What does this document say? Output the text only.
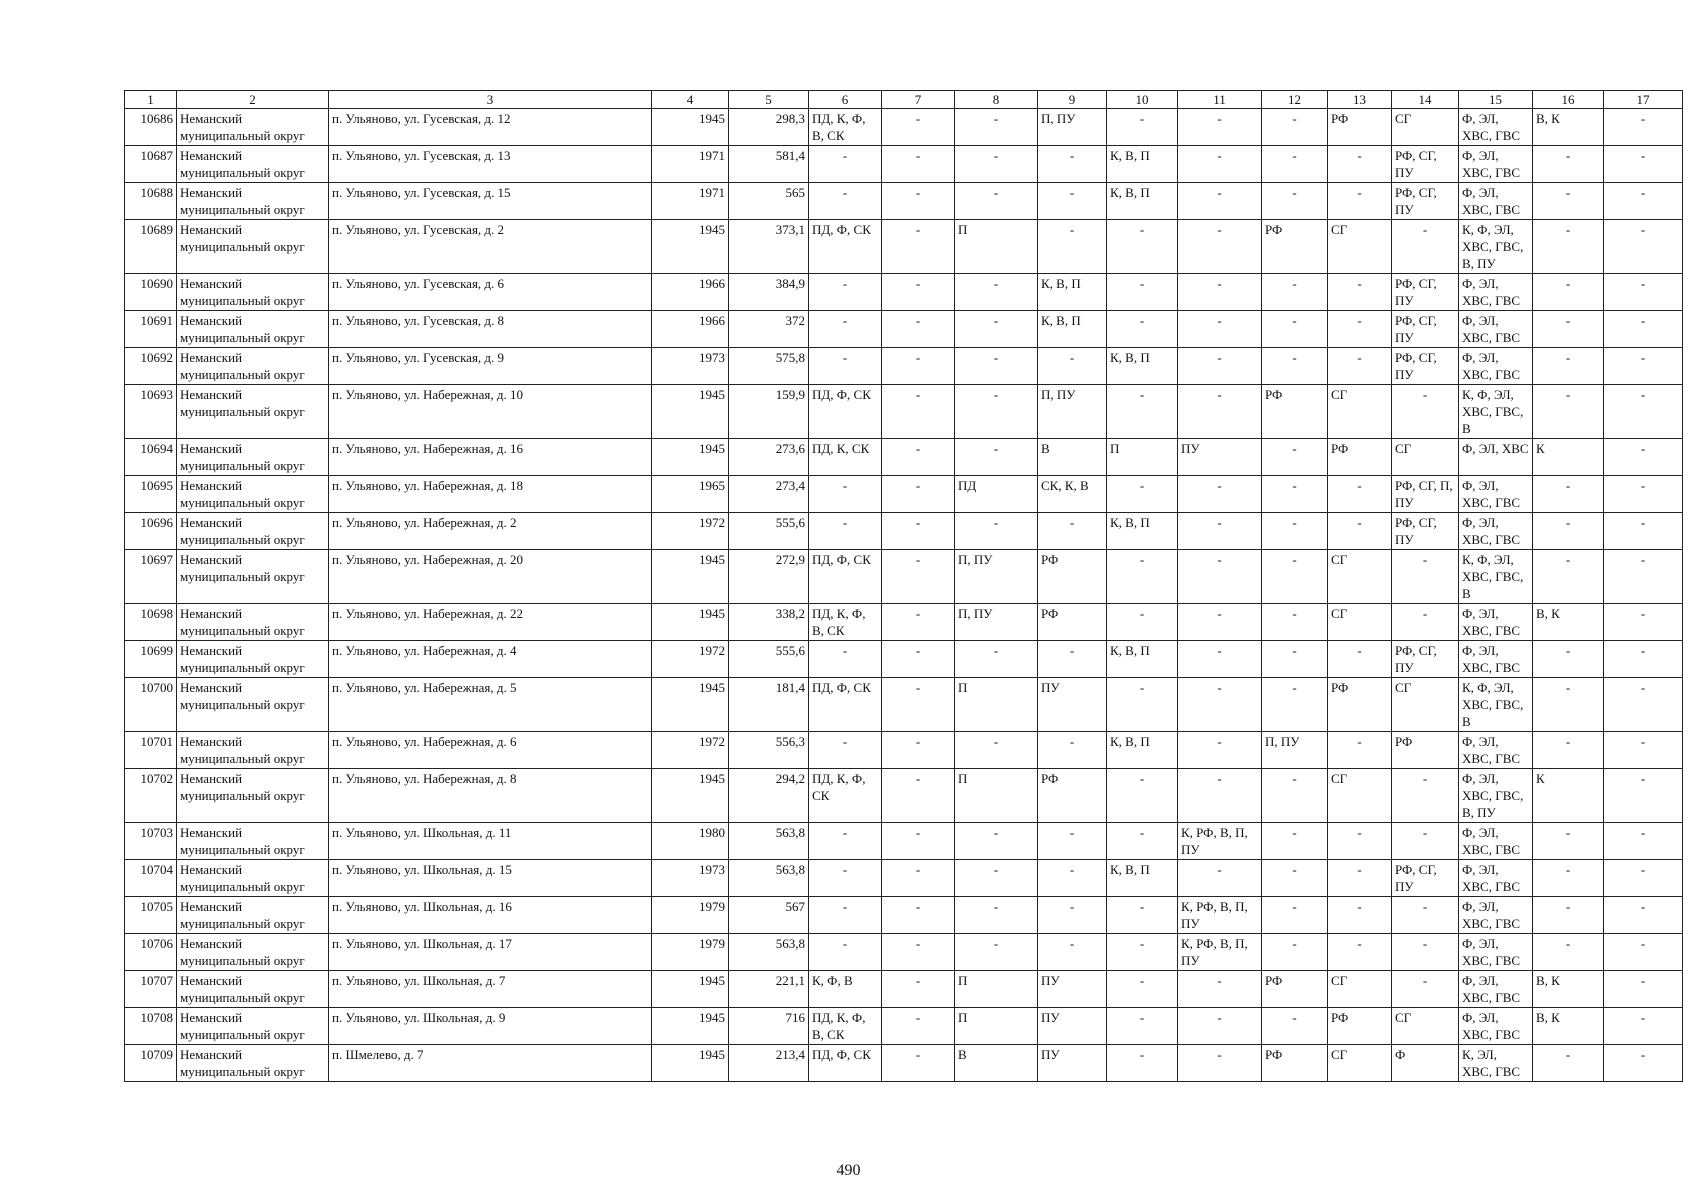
1	2	3	4	5	6	7	8	9	10	11	12	13	14	15	16	17
10686	Неманский муниципальный округ	п. Ульяново, ул. Гусевская, д. 12	1945	298,3	ПД, К, Ф, В, СК	-	-	П, ПУ	-	-	-	РФ	СГ	Ф, ЭЛ, ХВС, ГВС	В, К	-
10687	Неманский муниципальный округ	п. Ульяново, ул. Гусевская, д. 13	1971	581,4	-	-	-	-	К, В, П	-	-	-	РФ, СГ, ПУ	Ф, ЭЛ, ХВС, ГВС	-	-
10688	Неманский муниципальный округ	п. Ульяново, ул. Гусевская, д. 15	1971	565	-	-	-	-	К, В, П	-	-	-	РФ, СГ, ПУ	Ф, ЭЛ, ХВС, ГВС	-	-
10689	Неманский муниципальный округ	п. Ульяново, ул. Гусевская, д. 2	1945	373,1	ПД, Ф, СК	-	П	-	-	-	РФ	СГ	-	К, Ф, ЭЛ, ХВС, ГВС, В, ПУ	-	-
10690	Неманский муниципальный округ	п. Ульяново, ул. Гусевская, д. 6	1966	384,9	-	-	-	К, В, П	-	-	-	-	РФ, СГ, ПУ	Ф, ЭЛ, ХВС, ГВС	-	-
10691	Неманский муниципальный округ	п. Ульяново, ул. Гусевская, д. 8	1966	372	-	-	-	К, В, П	-	-	-	-	РФ, СГ, ПУ	Ф, ЭЛ, ХВС, ГВС	-	-
10692	Неманский муниципальный округ	п. Ульяново, ул. Гусевская, д. 9	1973	575,8	-	-	-	-	К, В, П	-	-	-	РФ, СГ, ПУ	Ф, ЭЛ, ХВС, ГВС	-	-
10693	Неманский муниципальный округ	п. Ульяново, ул. Набережная, д. 10	1945	159,9	ПД, Ф, СК	-	-	П, ПУ	-	-	РФ	СГ	-	К, Ф, ЭЛ, ХВС, ГВС, В	-	-
10694	Неманский муниципальный округ	п. Ульяново, ул. Набережная, д. 16	1945	273,6	ПД, К, СК	-	-	В	П	ПУ	-	РФ	СГ	Ф, ЭЛ, ХВС	К	-
10695	Неманский муниципальный округ	п. Ульяново, ул. Набережная, д. 18	1965	273,4	-	-	ПД	СК, К, В	-	-	-	-	РФ, СГ, П, ПУ	Ф, ЭЛ, ХВС, ГВС	-	-
10696	Неманский муниципальный округ	п. Ульяново, ул. Набережная, д. 2	1972	555,6	-	-	-	-	К, В, П	-	-	-	РФ, СГ, ПУ	Ф, ЭЛ, ХВС, ГВС	-	-
10697	Неманский муниципальный округ	п. Ульяново, ул. Набережная, д. 20	1945	272,9	ПД, Ф, СК	-	П, ПУ	РФ	-	-	-	СГ	-	К, Ф, ЭЛ, ХВС, ГВС, В	-	-
10698	Неманский муниципальный округ	п. Ульяново, ул. Набережная, д. 22	1945	338,2	ПД, К, Ф, В, СК	-	П, ПУ	РФ	-	-	-	СГ	-	Ф, ЭЛ, ХВС, ГВС	В, К	-
10699	Неманский муниципальный округ	п. Ульяново, ул. Набережная, д. 4	1972	555,6	-	-	-	-	К, В, П	-	-	-	РФ, СГ, ПУ	Ф, ЭЛ, ХВС, ГВС	-	-
10700	Неманский муниципальный округ	п. Ульяново, ул. Набережная, д. 5	1945	181,4	ПД, Ф, СК	-	П	ПУ	-	-	-	РФ	СГ	К, Ф, ЭЛ, ХВС, ГВС, В	-	-
10701	Неманский муниципальный округ	п. Ульяново, ул. Набережная, д. 6	1972	556,3	-	-	-	-	К, В, П	-	П, ПУ	-	РФ	Ф, ЭЛ, ХВС, ГВС	-	-
10702	Неманский муниципальный округ	п. Ульяново, ул. Набережная, д. 8	1945	294,2	ПД, К, Ф, СК	-	П	РФ	-	-	-	СГ	-	Ф, ЭЛ, ХВС, ГВС, В, ПУ	К	-
10703	Неманский муниципальный округ	п. Ульяново, ул. Школьная, д. 11	1980	563,8	-	-	-	-	-	К, РФ, В, П, ПУ	-	-	-	Ф, ЭЛ, ХВС, ГВС	-	-
10704	Неманский муниципальный округ	п. Ульяново, ул. Школьная, д. 15	1973	563,8	-	-	-	-	К, В, П	-	-	-	РФ, СГ, ПУ	Ф, ЭЛ, ХВС, ГВС	-	-
10705	Неманский муниципальный округ	п. Ульяново, ул. Школьная, д. 16	1979	567	-	-	-	-	-	К, РФ, В, П, ПУ	-	-	-	Ф, ЭЛ, ХВС, ГВС	-	-
10706	Неманский муниципальный округ	п. Ульяново, ул. Школьная, д. 17	1979	563,8	-	-	-	-	-	К, РФ, В, П, ПУ	-	-	-	Ф, ЭЛ, ХВС, ГВС	-	-
10707	Неманский муниципальный округ	п. Ульяново, ул. Школьная, д. 7	1945	221,1	К, Ф, В	-	П	ПУ	-	-	РФ	СГ	-	Ф, ЭЛ, ХВС, ГВС	В, К	-
10708	Неманский муниципальный округ	п. Ульяново, ул. Школьная, д. 9	1945	716	ПД, К, Ф, В, СК	-	П	ПУ	-	-	-	РФ	СГ	Ф, ЭЛ, ХВС, ГВС	В, К	-
10709	Неманский муниципальный округ	п. Шмелево, д. 7	1945	213,4	ПД, Ф, СК	-	В	ПУ	-	-	РФ	СГ	Ф	К, ЭЛ, ХВС, ГВС	-	-
490
